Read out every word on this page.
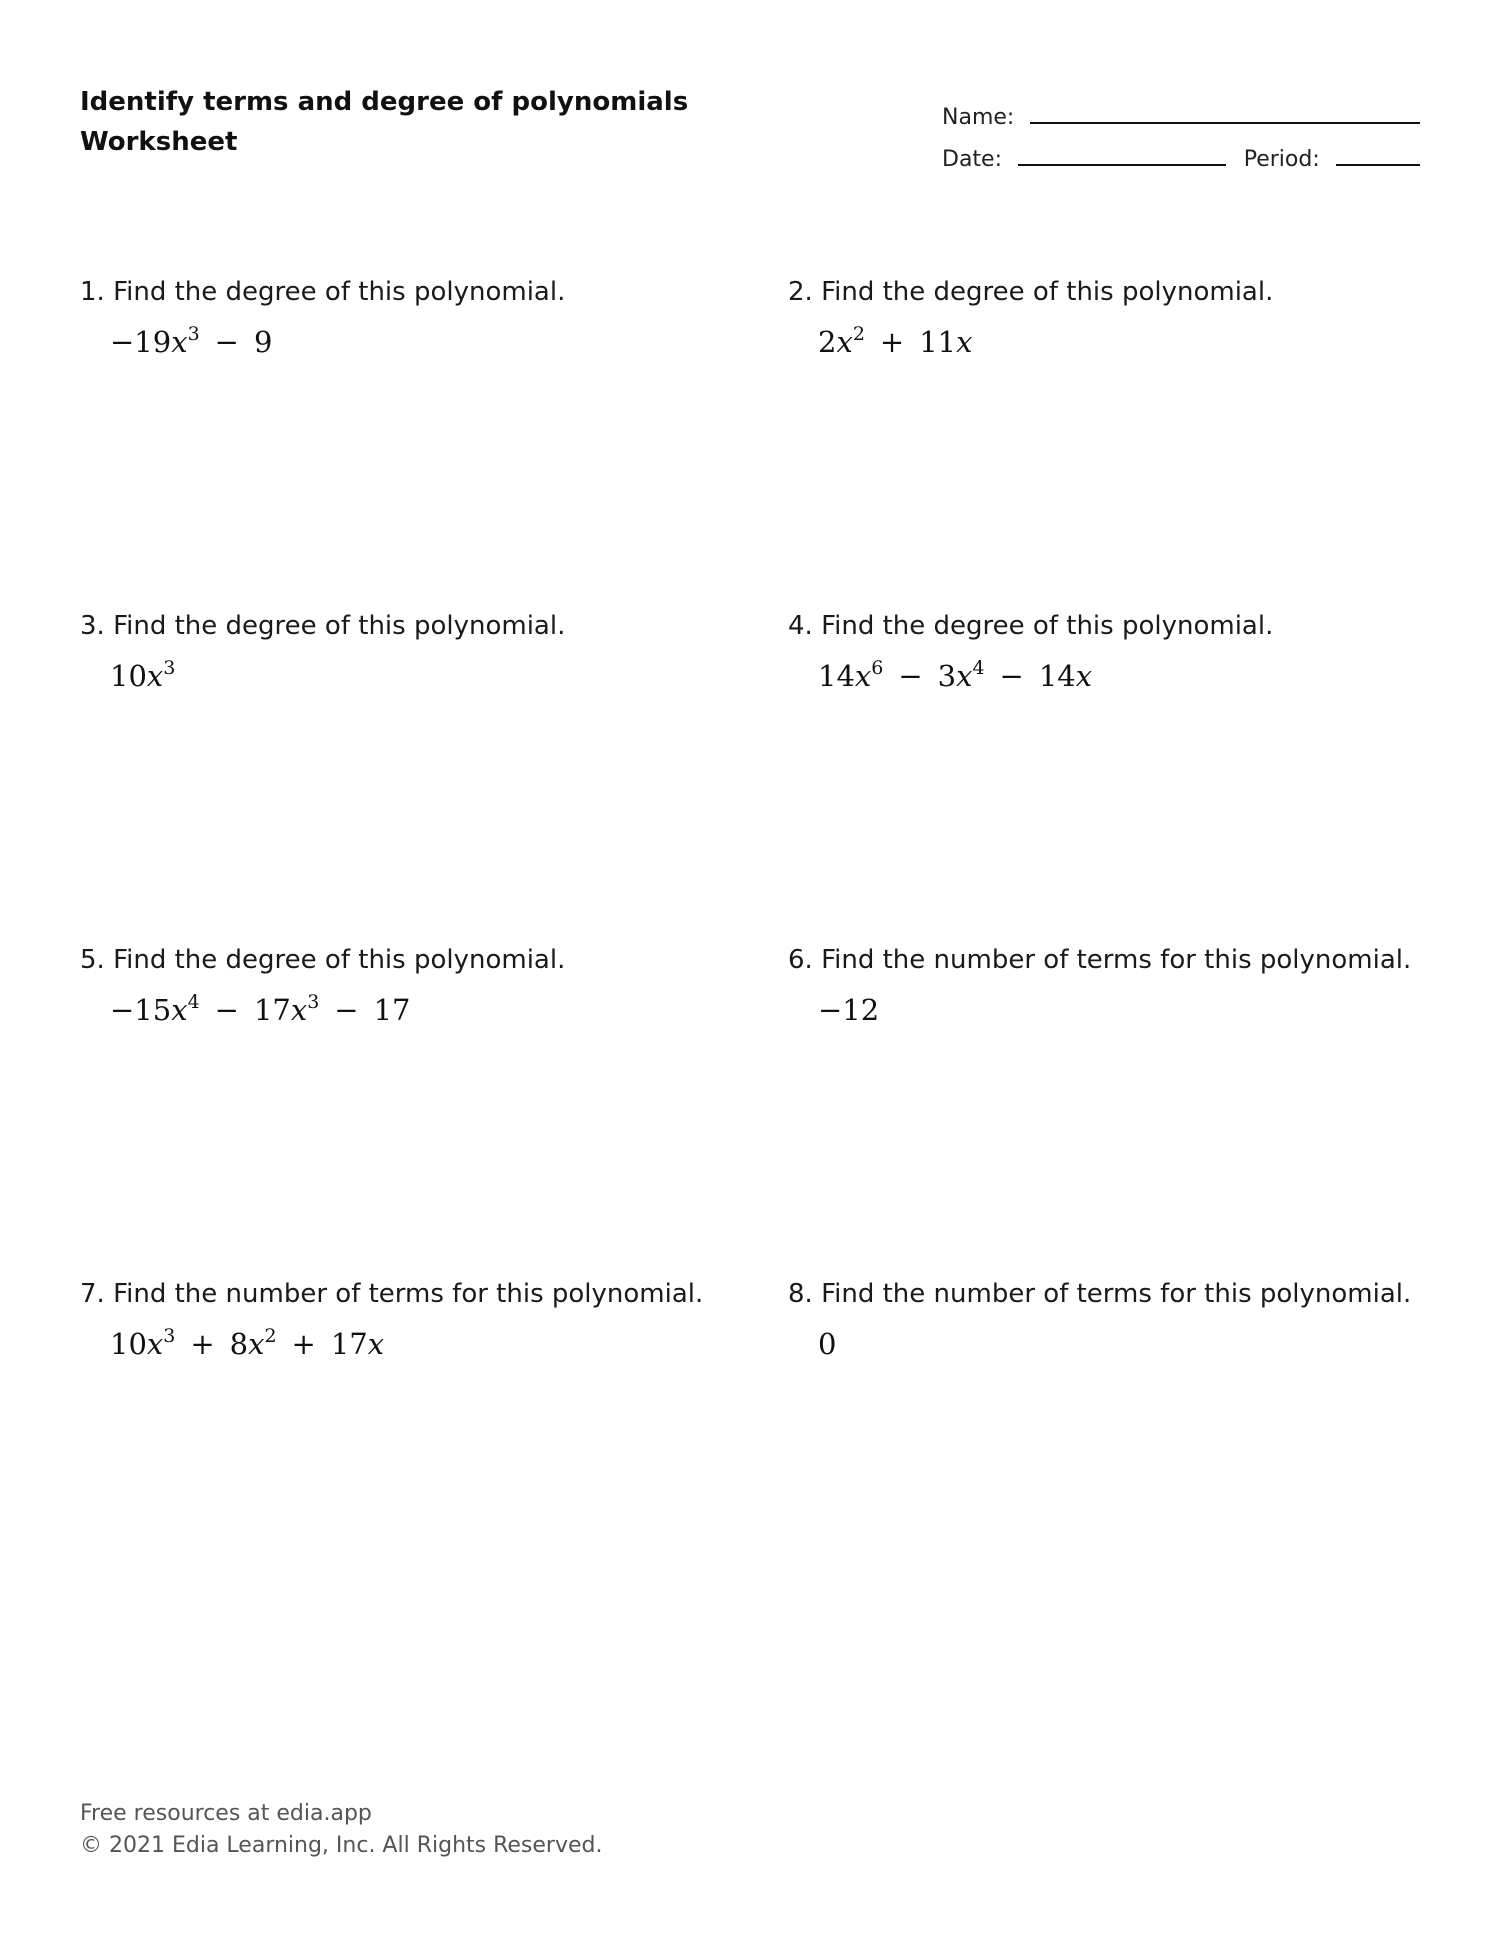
Identify terms and degree of polynomials
Worksheet
Name:
Date:	Period:
1. Find the degree of this polynomial.
$-19x^3$   −   9
2. Find the degree of this polynomial.
$2x^2$   +   11x
3. Find the degree of this polynomial.
$10x^3$
4. Find the degree of this polynomial.
$14x^6$   −   $3x^4$   −   14x
5. Find the degree of this polynomial.
$-15x^4$   −   $17x^3$   −   17
6. Find the number of terms for this polynomial.
−12
7. Find the number of terms for this polynomial.
$10x^3$   +   $8x^2$   +   17x
8. Find the number of terms for this polynomial.
0
Free resources at edia.app
© 2021 Edia Learning, Inc. All Rights Reserved.
